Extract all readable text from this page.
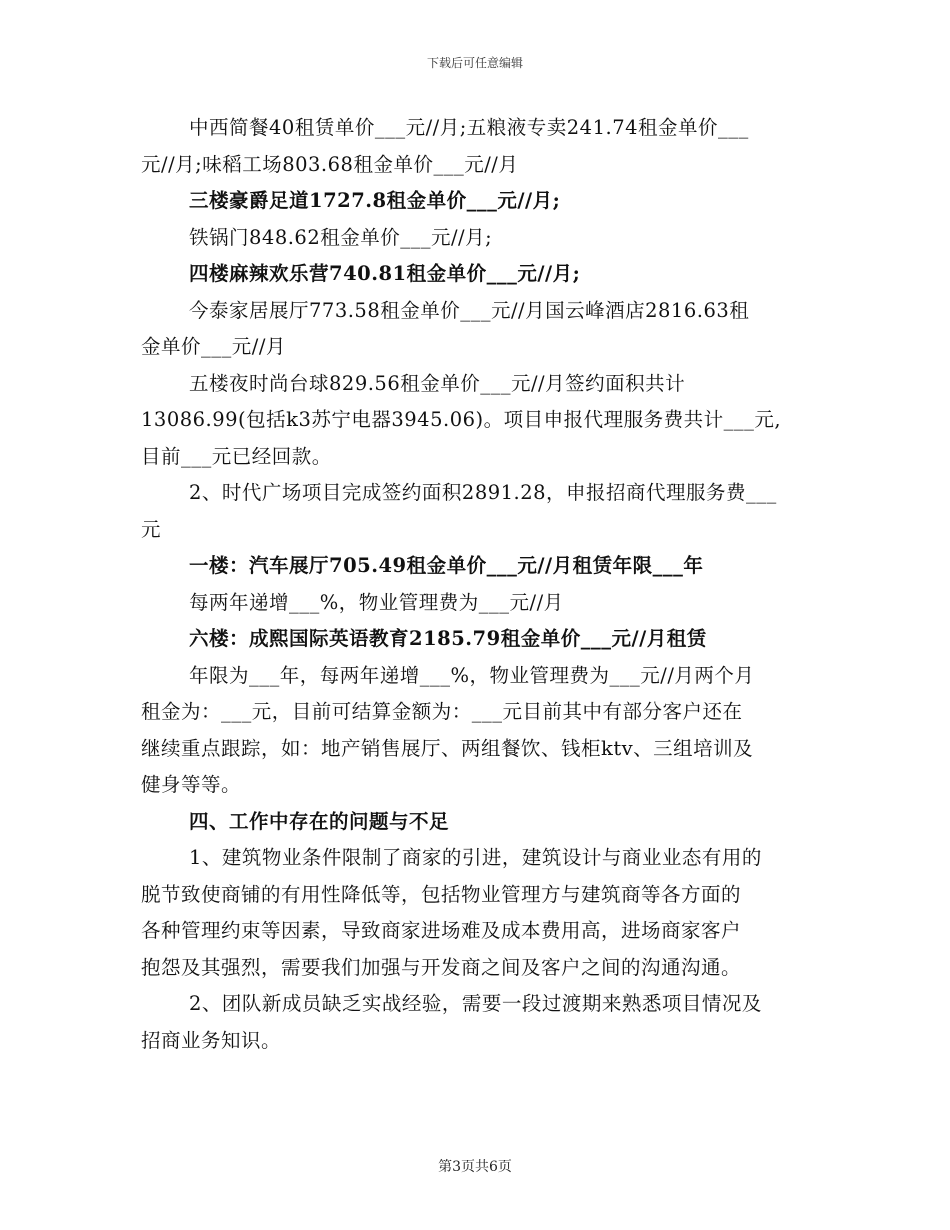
下载后可任意编辑
中西简餐40租赁单价___元//月;五粮液专卖241.74租金单价___
元//月;味稻工场803.68租金单价___元//月
三楼豪爵足道1727.8租金单价___元//月;
铁锅门848.62租金单价___元//月;
四楼麻辣欢乐营740.81租金单价___元//月;
今泰家居展厅773.58租金单价___元//月国云峰酒店2816.63租
金单价___元//月
五楼夜时尚台球829.56租金单价___元//月签约面积共计
13086.99(包括k3苏宁电器3945.06)。项目申报代理服务费共计___元,
目前___元已经回款。
2、时代广场项目完成签约面积2891.28，申报招商代理服务费___
元
一楼：汽车展厅705.49租金单价___元//月租赁年限___年
每两年递增___%，物业管理费为___元//月
六楼：成熙国际英语教育2185.79租金单价___元//月租赁
年限为___年，每两年递增___%，物业管理费为___元//月两个月
租金为：___元，目前可结算金额为：___元目前其中有部分客户还在
继续重点跟踪，如：地产销售展厅、两组餐饮、钱柜ktv、三组培训及
健身等等。
四、工作中存在的问题与不足
1、建筑物业条件限制了商家的引进，建筑设计与商业业态有用的
脱节致使商铺的有用性降低等，包括物业管理方与建筑商等各方面的
各种管理约束等因素，导致商家进场难及成本费用高，进场商家客户
抱怨及其强烈，需要我们加强与开发商之间及客户之间的沟通沟通。
2、团队新成员缺乏实战经验，需要一段过渡期来熟悉项目情况及
招商业务知识。
第3页共6页
